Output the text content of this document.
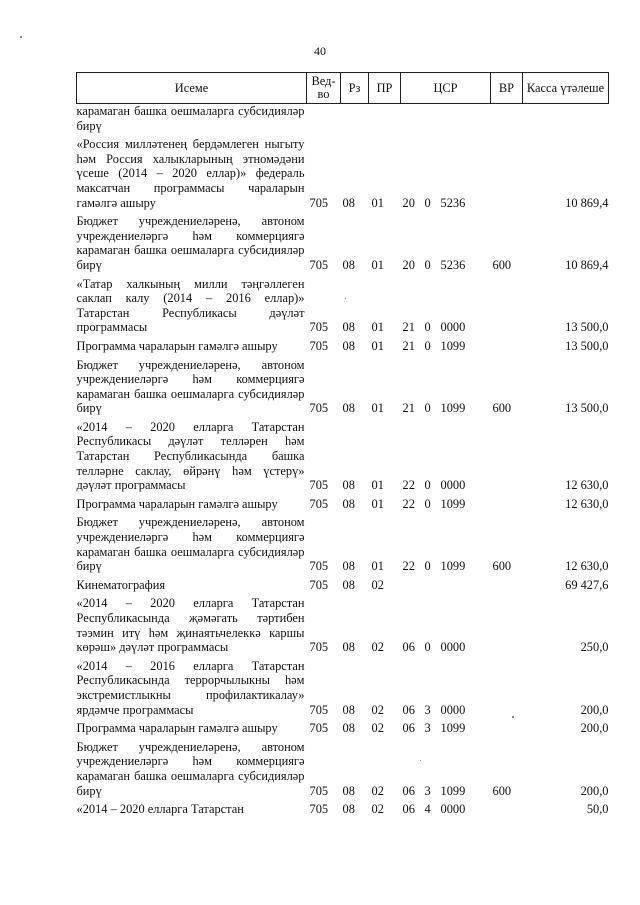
40
Исеме	Вед-во	Рз	ПР	ЦСР	ВР	Касса үтәлеше
карамаган башка оешмаларга субсидияләр бирү				

«Россия милләтенең бердәмлеген ныгыту һәм Россия халыкларының этномәдәни үсеше (2014 – 2020 еллар)» федераль максатчан программасы чараларын гамәлгә ашыру	705	08	01	20 0 5236		10 869,4

Бюджет учреждениеләренә, автоном учреждениеләргә һәм коммерциягә карамаган башка оешмаларга субсидияләр бирү	705	08	01	20 0 5236	600	10 869,4

«Татар халкының милли тәңгәллеген саклап калу (2014 – 2016 еллар)» Татарстан Республикасы дәүләт программасы	705	08	01	21 0 0000		13 500,0

Программа чараларын гамәлгә ашыру	705	08	01	21 0 1099		13 500,0

Бюджет учреждениеләренә, автоном учреждениеләргә һәм коммерциягә карамаган башка оешмаларга субсидияләр бирү	705	08	01	21 0 1099	600	13 500,0

«2014 – 2020 елларга Татарстан Республикасы дәүләт телләрен һәм Татарстан Республикасында башка телләрне саклау, өйрәнү һәм үстерү» дәүләт программасы	705	08	01	22 0 0000		12 630,0

Программа чараларын гамәлгә ашыру	705	08	01	22 0 1099		12 630,0

Бюджет учреждениеләренә, автоном учреждениеләргә һәм коммерциягә карамаган башка оешмаларга субсидияләр бирү	705	08	01	22 0 1099	600	12 630,0

Кинематография	705	08	02			69 427,6

«2014 – 2020 елларга Татарстан Республикасында җәмәгать тәртибен тәэмин итү һәм җинаятьчелеккә каршы көрәш» дәүләт программасы	705	08	02	06 0 0000		250,0

«2014 – 2016 елларга Татарстан Республикасында террорчылыкны һәм экстремистлыкны профилактикалау» ярдәмче программасы	705	08	02	06 3 0000		200,0

Программа чараларын гамәлгә ашыру	705	08	02	06 3 1099		200,0

Бюджет учреждениеләренә, автоном учреждениеләргә һәм коммерциягә карамаган башка оешмаларга субсидияләр бирү	705	08	02	06 3 1099	600	200,0

«2014 – 2020 елларга Татарстан	705	08	02	06 4 0000		50,0
